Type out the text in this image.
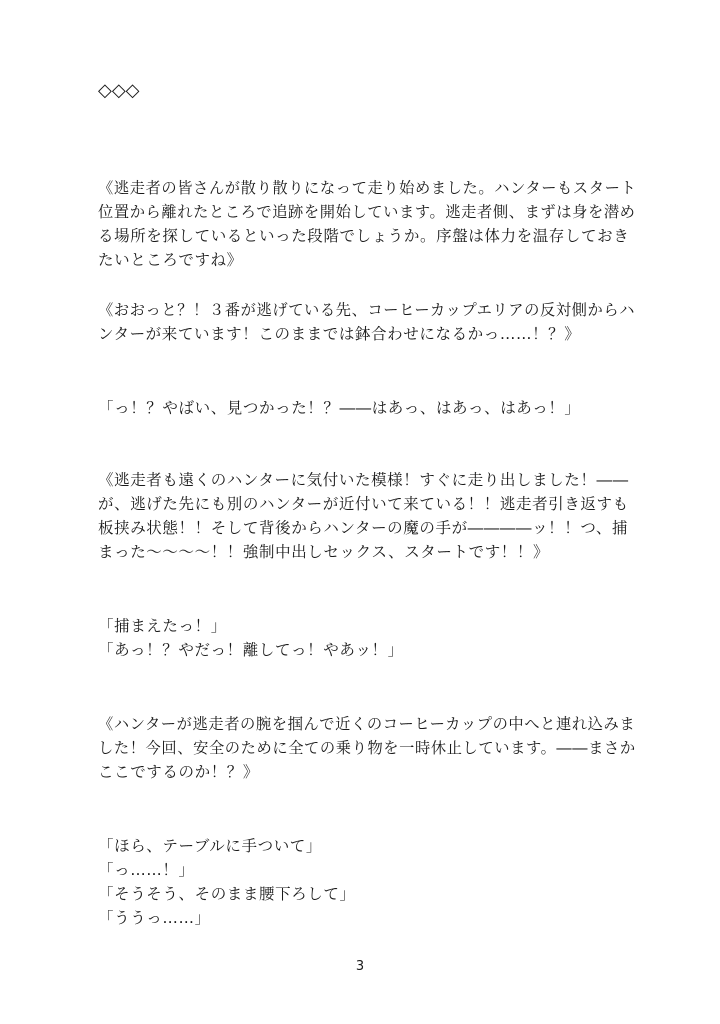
◇◇◇
《逃走者の皆さんが散り散りになって走り始めました。ハンターもスタート
位置から離れたところで追跡を開始しています。逃走者側、まずは身を潜め
る場所を探しているといった段階でしょうか。序盤は体力を温存しておき
たいところですね》
《おおっと？！３番が逃げている先、コーヒーカップエリアの反対側からハ
ンターが来ています！このままでは鉢合わせになるかっ……！？》
「っ！？やばい、見つかった！？――はあっ、はあっ、はあっ！」
《逃走者も遠くのハンターに気付いた模様！すぐに走り出しました！――
が、逃げた先にも別のハンターが近付いて来ている！！逃走者引き返すも
板挟み状態！！そして背後からハンターの魔の手が――――ッ！！つ、捕
まった〜〜〜〜！！強制中出しセックス、スタートです！！》
「捕まえたっ！」
「あっ！？やだっ！離してっ！やあッ！」
《ハンターが逃走者の腕を掴んで近くのコーヒーカップの中へと連れ込みま
した！今回、安全のために全ての乗り物を一時休止しています。――まさか
ここでするのか！？》
「ほら、テーブルに手ついて」
「っ……！」
「そうそう、そのまま腰下ろして」
「ううっ……」
3
